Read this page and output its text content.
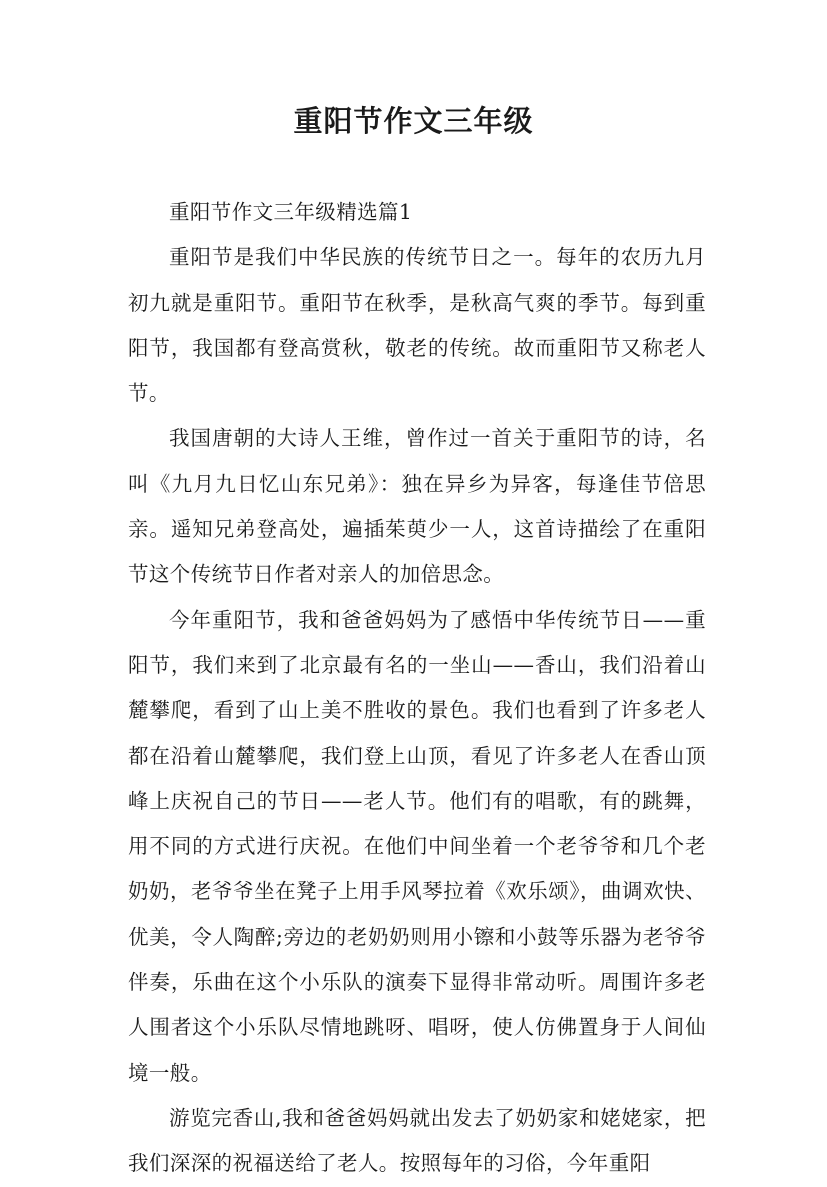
重阳节作文三年级

重阳节作文三年级精选篇1

重阳节是我们中华民族的传统节日之一。每年的农历九月初九就是重阳节。重阳节在秋季，是秋高气爽的季节。每到重阳节，我国都有登高赏秋，敬老的传统。故而重阳节又称老人节。

我国唐朝的大诗人王维，曾作过一首关于重阳节的诗，名叫《九月九日忆山东兄弟》：独在异乡为异客，每逢佳节倍思亲。遥知兄弟登高处，遍插茱萸少一人，这首诗描绘了在重阳节这个传统节日作者对亲人的加倍思念。

今年重阳节，我和爸爸妈妈为了感悟中华传统节日——重阳节，我们来到了北京最有名的一坐山——香山，我们沿着山麓攀爬，看到了山上美不胜收的景色。我们也看到了许多老人都在沿着山麓攀爬，我们登上山顶，看见了许多老人在香山顶峰上庆祝自己的节日——老人节。他们有的唱歌，有的跳舞，用不同的方式进行庆祝。在他们中间坐着一个老爷爷和几个老奶奶，老爷爷坐在凳子上用手风琴拉着《欢乐颂》，曲调欢快、优美，令人陶醉;旁边的老奶奶则用小镲和小鼓等乐器为老爷爷伴奏，乐曲在这个小乐队的演奏下显得非常动听。周围许多老人围者这个小乐队尽情地跳呀、唱呀，使人仿佛置身于人间仙境一般。

游览完香山,我和爸爸妈妈就出发去了奶奶家和姥姥家，把我们深深的祝福送给了老人。按照每年的习俗，今年重阳
